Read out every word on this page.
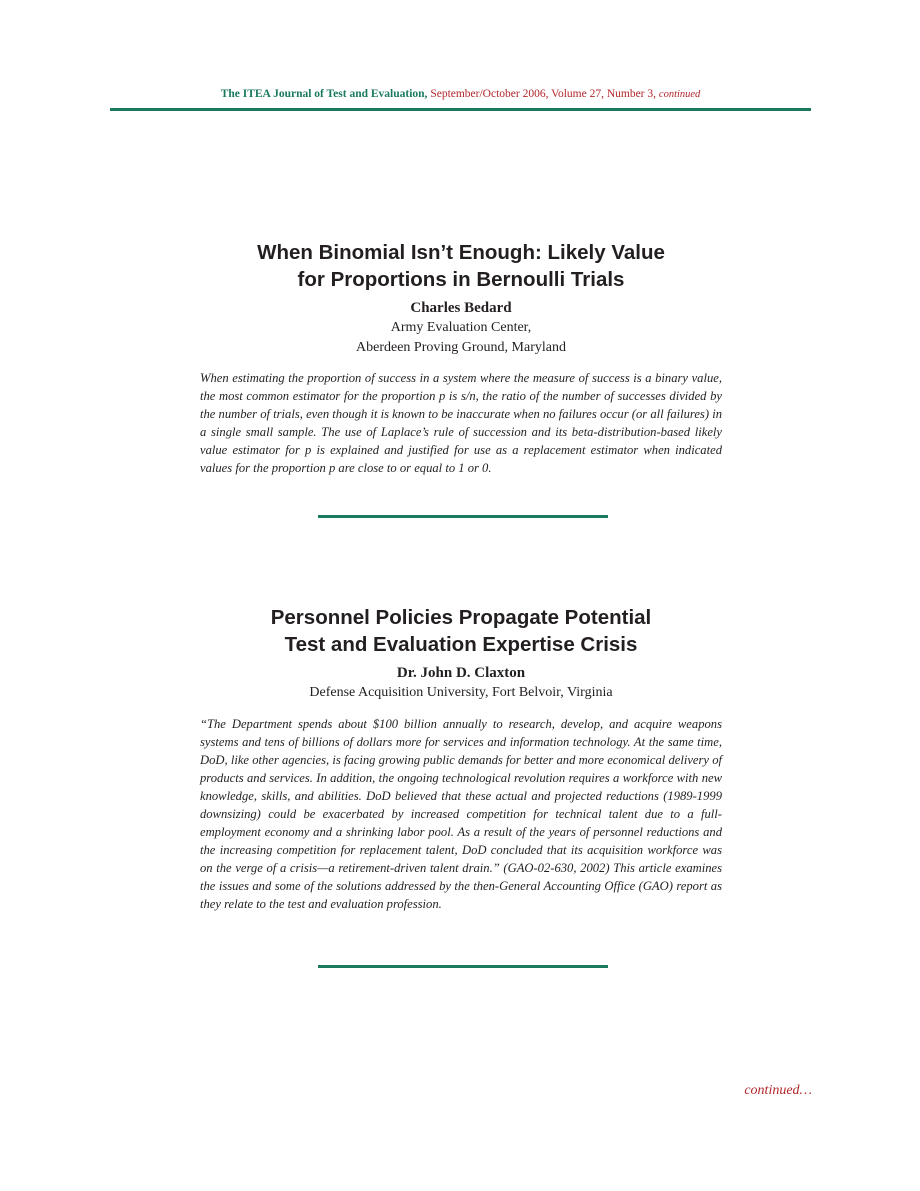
The ITEA Journal of Test and Evaluation, September/October 2006, Volume 27, Number 3, continued
When Binomial Isn’t Enough: Likely Value
for Proportions in Bernoulli Trials
Charles Bedard
Army Evaluation Center,
Aberdeen Proving Ground, Maryland
When estimating the proportion of success in a system where the measure of success is a binary value, the most common estimator for the proportion p is s/n, the ratio of the number of successes divided by the number of trials, even though it is known to be inaccurate when no failures occur (or all failures) in a single small sample. The use of Laplace’s rule of succession and its beta-distribution-based likely value estimator for p is explained and justified for use as a replacement estimator when indicated values for the proportion p are close to or equal to 1 or 0.
Personnel Policies Propagate Potential
Test and Evaluation Expertise Crisis
Dr. John D. Claxton
Defense Acquisition University, Fort Belvoir, Virginia
“The Department spends about $100 billion annually to research, develop, and acquire weapons systems and tens of billions of dollars more for services and information technology. At the same time, DoD, like other agencies, is facing growing public demands for better and more economical delivery of products and services. In addition, the ongoing technological revolution requires a workforce with new knowledge, skills, and abilities. DoD believed that these actual and projected reductions (1989-1999 downsizing) could be exacerbated by increased competition for technical talent due to a full-employment economy and a shrinking labor pool. As a result of the years of personnel reductions and the increasing competition for replacement talent, DoD concluded that its acquisition workforce was on the verge of a crisis—a retirement-driven talent drain.” (GAO-02-630, 2002) This article examines the issues and some of the solutions addressed by the then-General Accounting Office (GAO) report as they relate to the test and evaluation profession.
continued…
